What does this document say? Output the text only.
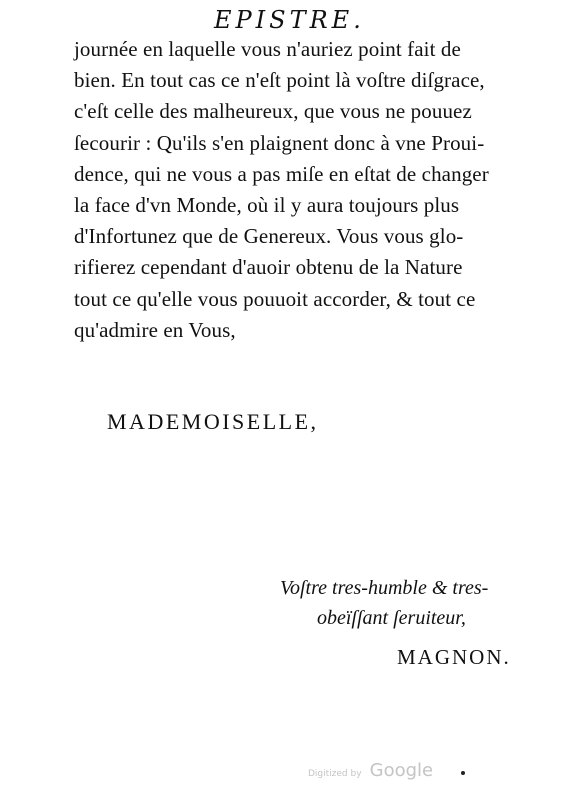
EPISTRE.
journée en laquelle vous n'auriez point fait de
bien. En tout cas ce n'eſt point là voſtre diſgrace,
c'eſt celle des malheureux, que vous ne pouuez
ſecourir : Qu'ils s'en plaignent donc à vne Proui-
dence, qui ne vous a pas miſe en eſtat de changer
la face d'vn Monde, où il y aura toujours plus
d'Infortunez que de Genereux. Vous vous glo-
rifierez cependant d'auoir obtenu de la Nature
tout ce qu'elle vous pouuoit accorder, & tout ce
qu'admire en Vous,
MADEMOISELLE,
Voſtre tres-humble & tres-
obeïſſant ſeruiteur,
MAGNON.
Digitized by Google
